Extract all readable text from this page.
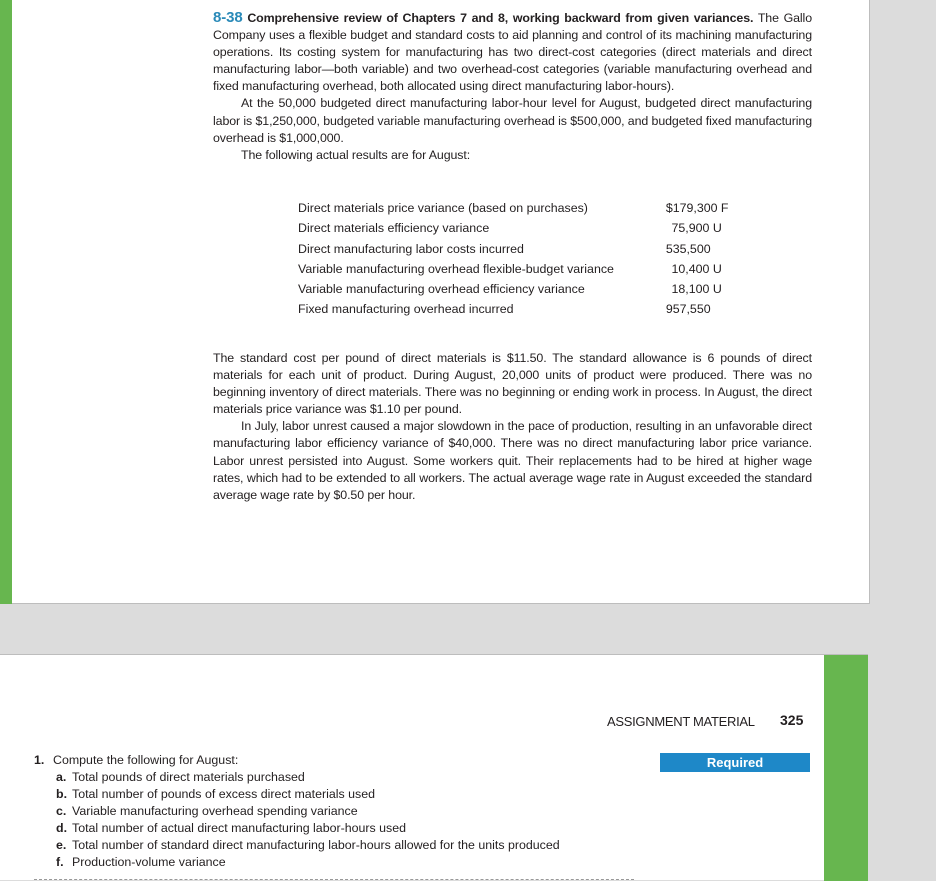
8-38 Comprehensive review of Chapters 7 and 8, working backward from given variances. The Gallo Company uses a flexible budget and standard costs to aid planning and control of its machining manufacturing operations. Its costing system for manufacturing has two direct-cost categories (direct materials and direct manufacturing labor—both variable) and two overhead-cost categories (variable manufacturing overhead and fixed manufacturing overhead, both allocated using direct manufacturing labor-hours).

At the 50,000 budgeted direct manufacturing labor-hour level for August, budgeted direct manufacturing labor is $1,250,000, budgeted variable manufacturing overhead is $500,000, and budgeted fixed manufacturing overhead is $1,000,000.

The following actual results are for August:

Direct materials price variance (based on purchases)	$179,300 F
Direct materials efficiency variance	75,900 U
Direct manufacturing labor costs incurred	535,500
Variable manufacturing overhead flexible-budget variance	10,400 U
Variable manufacturing overhead efficiency variance	18,100 U
Fixed manufacturing overhead incurred	957,550

The standard cost per pound of direct materials is $11.50. The standard allowance is 6 pounds of direct materials for each unit of product. During August, 20,000 units of product were produced. There was no beginning inventory of direct materials. There was no beginning or ending work in process. In August, the direct materials price variance was $1.10 per pound.

In July, labor unrest caused a major slowdown in the pace of production, resulting in an unfavorable direct manufacturing labor efficiency variance of $40,000. There was no direct manufacturing labor price variance. Labor unrest persisted into August. Some workers quit. Their replacements had to be hired at higher wage rates, which had to be extended to all workers. The actual average wage rate in August exceeded the standard average wage rate by $0.50 per hour.

ASSIGNMENT MATERIAL 325
Required

1. Compute the following for August:

a. Total pounds of direct materials purchased
b. Total number of pounds of excess direct materials used
c. Variable manufacturing overhead spending variance
d. Total number of actual direct manufacturing labor-hours used
e. Total number of standard direct manufacturing labor-hours allowed for the units produced
f. Production-volume variance
